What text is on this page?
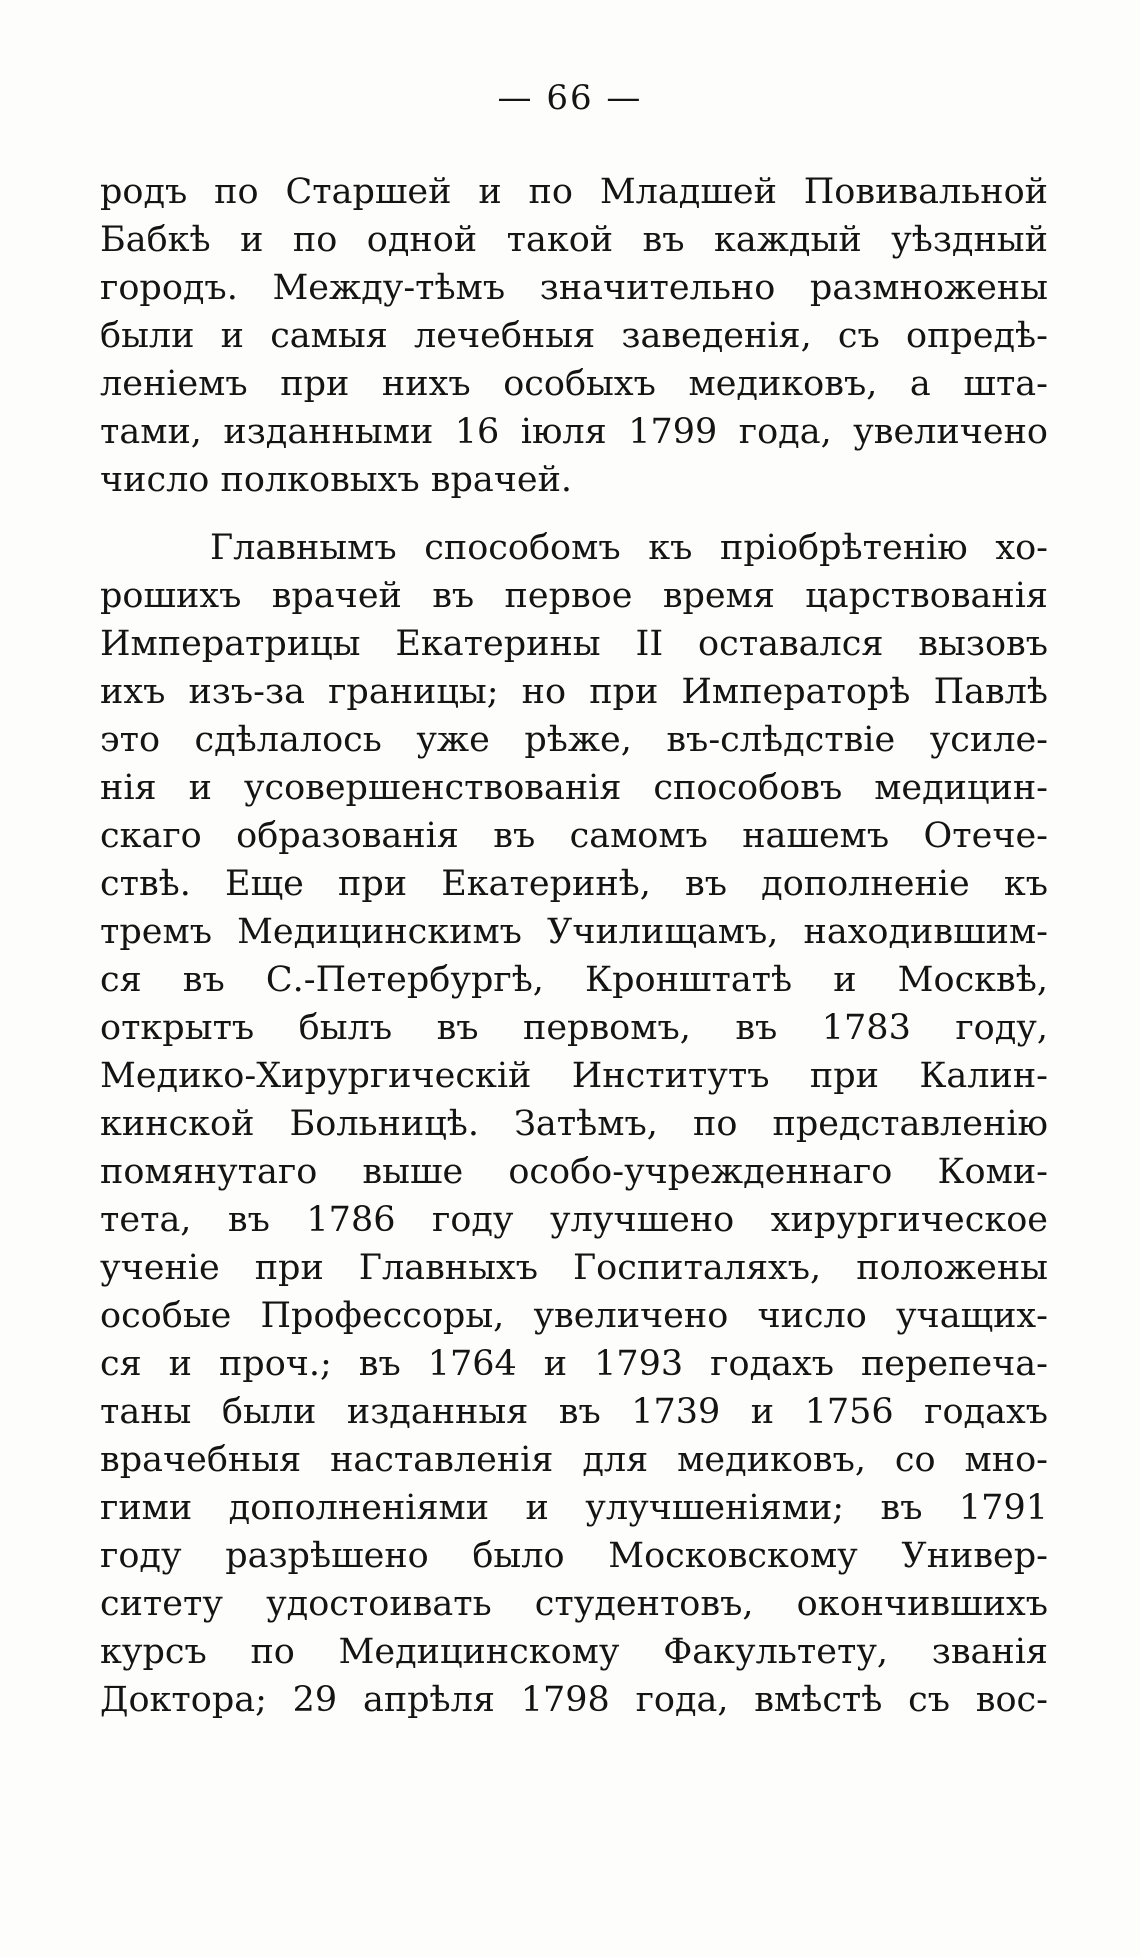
— 66 —
родъ по Старшей и по Младшей Повивальной
Бабкѣ и по одной такой въ каждый уѣздный
городъ. Между-тѣмъ значительно размножены
были и самыя лечебныя заведенія, съ опредѣ-
леніемъ при нихъ особыхъ медиковъ, а шта-
тами, изданными 16 іюля 1799 года, увеличено
число полковыхъ врачей.
Главнымъ способомъ къ пріобрѣтенію хо-
рошихъ врачей въ первое время царствованія
Императрицы Екатерины II оставался вызовъ
ихъ изъ-за границы; но при Императорѣ Павлѣ
это сдѣлалось уже рѣже, въ-слѣдствіе усиле-
нія и усовершенствованія способовъ медицин-
скаго образованія въ самомъ нашемъ Отече-
ствѣ. Еще при Екатеринѣ, въ дополненіе къ
тремъ Медицинскимъ Училищамъ, находившим-
ся въ С.-Петербургѣ, Кронштатѣ и Москвѣ,
открытъ былъ въ первомъ, въ 1783 году,
Медико-Хирургическій Институтъ при Калин-
кинской Больницѣ. Затѣмъ, по представленію
помянутаго выше особо-учрежденнаго Коми-
тета, въ 1786 году улучшено хирургическое
ученіе при Главныхъ Госпиталяхъ, положены
особые Профессоры, увеличено число учащих-
ся и проч.; въ 1764 и 1793 годахъ перепеча-
таны были изданныя въ 1739 и 1756 годахъ
врачебныя наставленія для медиковъ, со мно-
гими дополненіями и улучшеніями; въ 1791
году разрѣшено было Московскому Универ-
ситету удостоивать студентовъ, окончившихъ
курсъ по Медицинскому Факультету, званія
Доктора; 29 апрѣля 1798 года, вмѣстѣ съ вос-
